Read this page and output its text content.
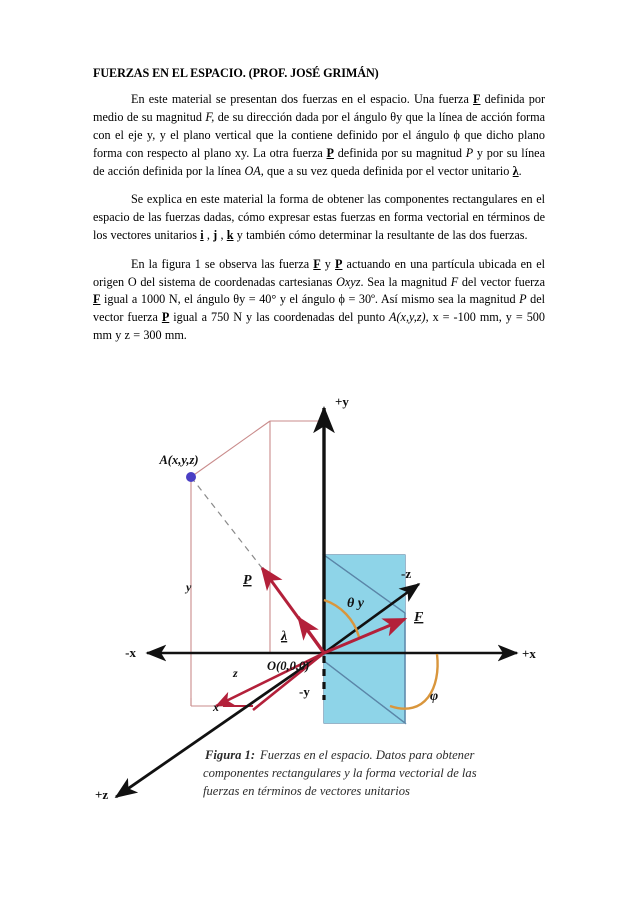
FUERZAS EN EL ESPACIO. (PROF. JOSÉ GRIMÁN)

En este material se presentan dos fuerzas en el espacio. Una fuerza F definida por medio de su magnitud F, de su dirección dada por el ángulo θy que la línea de acción forma con el eje y, y el plano vertical que la contiene definido por el ángulo ϕ que dicho plano forma con respecto al plano xy. La otra fuerza P definida por su magnitud P y por su línea de acción definida por la línea OA, que a su vez queda definida por el vector unitario λ.

Se explica en este material la forma de obtener las componentes rectangulares en el espacio de las fuerzas dadas, cómo expresar estas fuerzas en forma vectorial en términos de los vectores unitarios i , j , k y también cómo determinar la resultante de las dos fuerzas.

En la figura 1 se observa las fuerza F y P actuando en una partícula ubicada en el origen O del sistema de coordenadas cartesianas Oxyz. Sea la magnitud F del vector fuerza F igual a 1000 N, el ángulo θy = 40° y el ángulo ϕ = 30º. Así mismo sea la magnitud P del vector fuerza P igual a 750 N y las coordenadas del punto A(x,y,z), x = -100 mm, y = 500 mm y z = 300 mm.

+y
-y
+x
-x
-z
+z
A(x,y,z)
O(0,0,0)
P
F
λ
y
z
x
θ y
φ
Figura 1: Fuerzas en el espacio. Datos para obtener
componentes rectangulares y la forma vectorial de las
fuerzas en términos de vectores unitarios
